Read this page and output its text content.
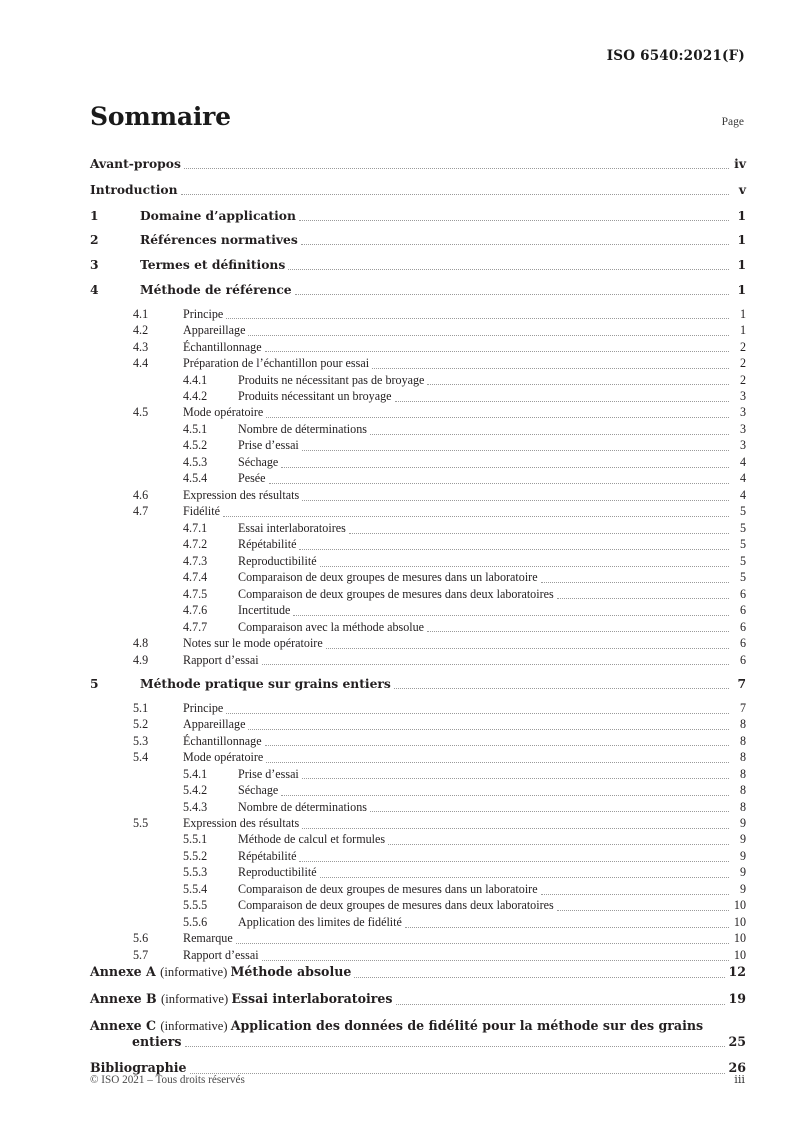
ISO 6540:2021(F)
Sommaire	Page
Avant-propos	iv
Introduction	v
1	Domaine d’application	1
2	Références normatives	1
3	Termes et définitions	1
4	Méthode de référence	1
4.1	Principe	1
4.2	Appareillage	1
4.3	Échantillonnage	2
4.4	Préparation de l’échantillon pour essai	2
4.4.1	Produits ne nécessitant pas de broyage	2
4.4.2	Produits nécessitant un broyage	3
4.5	Mode opératoire	3
4.5.1	Nombre de déterminations	3
4.5.2	Prise d’essai	3
4.5.3	Séchage	4
4.5.4	Pesée	4
4.6	Expression des résultats	4
4.7	Fidélité	5
4.7.1	Essai interlaboratoires	5
4.7.2	Répétabilité	5
4.7.3	Reproductibilité	5
4.7.4	Comparaison de deux groupes de mesures dans un laboratoire	5
4.7.5	Comparaison de deux groupes de mesures dans deux laboratoires	6
4.7.6	Incertitude	6
4.7.7	Comparaison avec la méthode absolue	6
4.8	Notes sur le mode opératoire	6
4.9	Rapport d’essai	6
5	Méthode pratique sur grains entiers	7
5.1	Principe	7
5.2	Appareillage	8
5.3	Échantillonnage	8
5.4	Mode opératoire	8
5.4.1	Prise d’essai	8
5.4.2	Séchage	8
5.4.3	Nombre de déterminations	8
5.5	Expression des résultats	9
5.5.1	Méthode de calcul et formules	9
5.5.2	Répétabilité	9
5.5.3	Reproductibilité	9
5.5.4	Comparaison de deux groupes de mesures dans un laboratoire	9
5.5.5	Comparaison de deux groupes de mesures dans deux laboratoires	10
5.5.6	Application des limites de fidélité	10
5.6	Remarque	10
5.7	Rapport d’essai	10
Annexe A (informative) Méthode absolue	12
Annexe B (informative) Essai interlaboratoires	19
Annexe C (informative) Application des données de fidélité pour la méthode sur des grains
entiers	25
Bibliographie	26
© ISO 2021 – Tous droits réservés	iii
